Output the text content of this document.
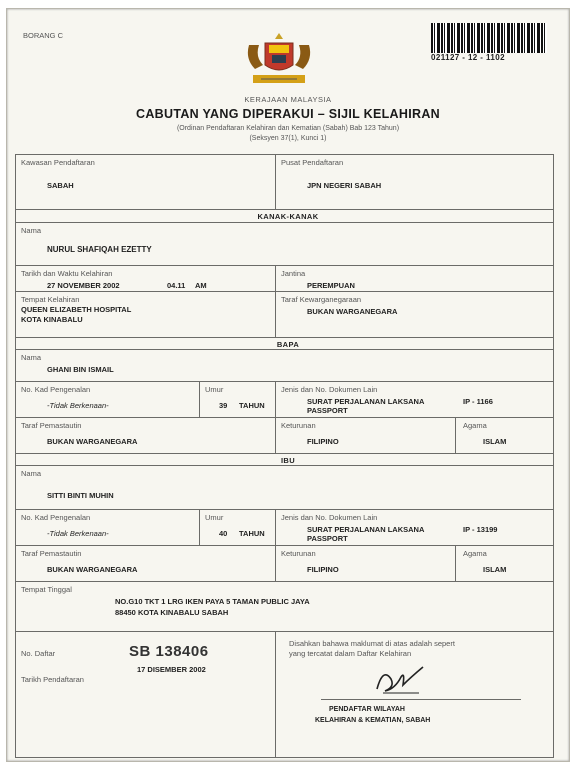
BORANG C
021127 - 12 - 1102
KERAJAAN MALAYSIA
CABUTAN YANG DIPERAKUI – SIJIL KELAHIRAN
(Ordinan Pendaftaran Kelahiran dan Kematian (Sabah) Bab 123 Tahun)
(Seksyen 37(1), Kunci 1)
Kawasan Pendaftaran
SABAH
Pusat Pendaftaran
JPN NEGERI SABAH
KANAK-KANAK
Nama
NURUL SHAFIQAH EZETTY
Tarikh dan Waktu Kelahiran
27 NOVEMBER 2002	04.11 AM
Jantina
PEREMPUAN
Tempat Kelahiran
QUEEN ELIZABETH HOSPITAL
KOTA KINABALU
Taraf Kewarganegaraan
BUKAN WARGANEGARA
BAPA
Nama
GHANI BIN ISMAIL
No. Kad Pengenalan
-Tidak Berkenaan-
Umur
39 TAHUN
Jenis dan No. Dokumen Lain
SURAT PERJALANAN LAKSANA
PASSPORT
IP - 1166
Taraf Pemastautin
BUKAN WARGANEGARA
Keturunan
FILIPINO
Agama
ISLAM
IBU
Nama
SITTI BINTI MUHIN
No. Kad Pengenalan
-Tidak Berkenaan-
Umur
40 TAHUN
Jenis dan No. Dokumen Lain
SURAT PERJALANAN LAKSANA
PASSPORT
IP - 13199
Taraf Pemastautin
BUKAN WARGANEGARA
Keturunan
FILIPINO
Agama
ISLAM
Tempat Tinggal
NO.G10 TKT 1 LRG IKEN PAYA 5 TAMAN PUBLIC JAYA
88450 KOTA KINABALU SABAH
No. Daftar	SB 138406
17 DISEMBER 2002
Tarikh Pendaftaran
Disahkan bahawa maklumat di atas adalah sepert
yang tercatat dalam Daftar Kelahiran
PENDAFTAR WILAYAH
KELAHIRAN & KEMATIAN, SABAH
